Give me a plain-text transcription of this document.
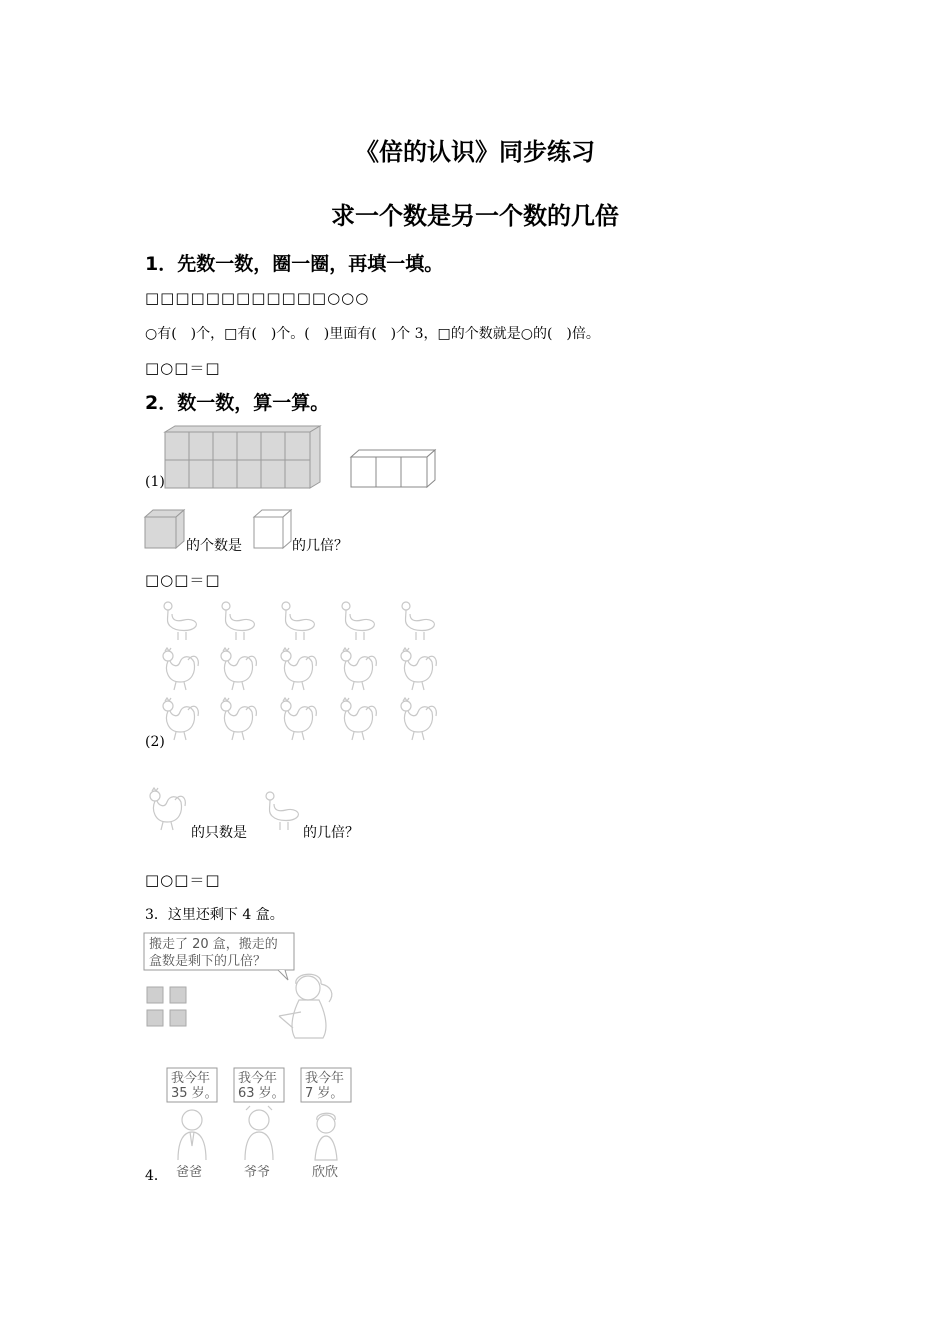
《倍的认识》同步练习
求一个数是另一个数的几倍
1．先数一数，圈一圈，再填一填。
□□□□□□□□□□□□○○○
○有(　)个，□有(　)个。(　)里面有(　)个 3，□的个数就是○的(　)倍。
□○□＝□
2．数一数，算一算。
(1)
的个数是	的几倍？
□○□＝□
(2)
的只数是	的几倍？
□○□＝□
3．这里还剩下 4 盒。
搬走了 20 盒，搬走的
盒数是剩下的几倍？
我今年
35 岁。
我今年
63 岁。
我今年
7 岁。
爸爸	爷爷	欣欣
4．
